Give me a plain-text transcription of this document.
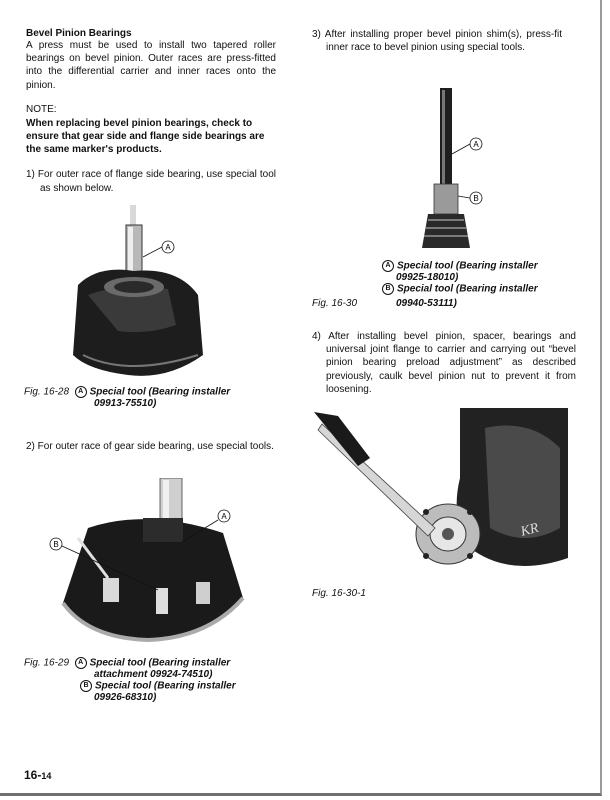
Bevel Pinion Bearings

A press must be used to install two tapered roller bearings on bevel pinion. Outer races are press-fitted into the differential carrier and inner races onto the pinion.

NOTE:

When replacing bevel pinion bearings, check to ensure that gear side and flange side bearings are the same marker's products.

1) For outer race of flange side bearing, use special tool as shown below.

A
Fig. 16-28 A Special tool (Bearing installer
09913-75510)

2) For outer race of gear side bearing, use special tools.

B
A
Fig. 16-29 A Special tool (Bearing installer
attachment 09924-74510)
B Special tool (Bearing installer
09926-68310)

3) After installing proper bevel pinion shim(s), press-fit inner race to bevel pinion using special tools.

A
B
A Special tool (Bearing installer
09925-18010)
B Special tool (Bearing installer
Fig. 16-30	09940-53111)

4) After installing bevel pinion, spacer, bearings and universal joint flange to carrier and carrying out “bevel pinion bearing preload adjustment” as described previously, caulk bevel pinion nut to prevent it from loosening.

KR
Fig. 16-30-1
16-14
